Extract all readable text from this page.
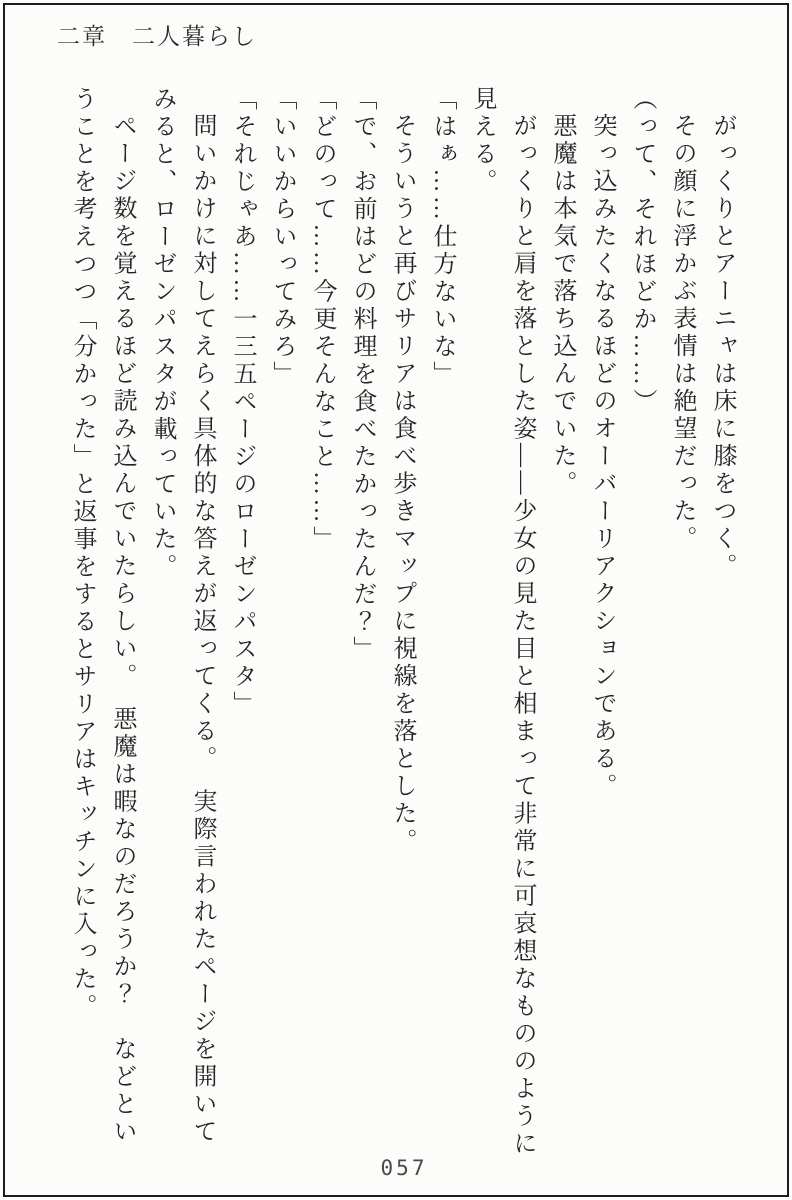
二章　二人暮らし

がっくりとアーニャは床に膝をつく。

その顔に浮かぶ表情は絶望だった。

（って、それほどか……）

突っ込みたくなるほどのオーバーリアクションである。

悪魔は本気で落ち込んでいた。

がっくりと肩を落とした姿――少女の見た目と相まって非常に可哀想なもののように見える。

「はぁ……仕方ないな」

そういうと再びサリアは食べ歩きマップに視線を落とした。

「で、お前はどの料理を食べたかったんだ？」

「どのって……今更そんなこと……」

「いいからいってみろ」

「それじゃあ……一三五ページのローゼンパスタ」

問いかけに対してえらく具体的な答えが返ってくる。　実際言われたページを開いてみると、ローゼンパスタが載っていた。

ページ数を覚えるほど読み込んでいたらしい。　悪魔は暇なのだろうか？　などということを考えつつ「分かった」と返事をするとサリアはキッチンに入った。

057
